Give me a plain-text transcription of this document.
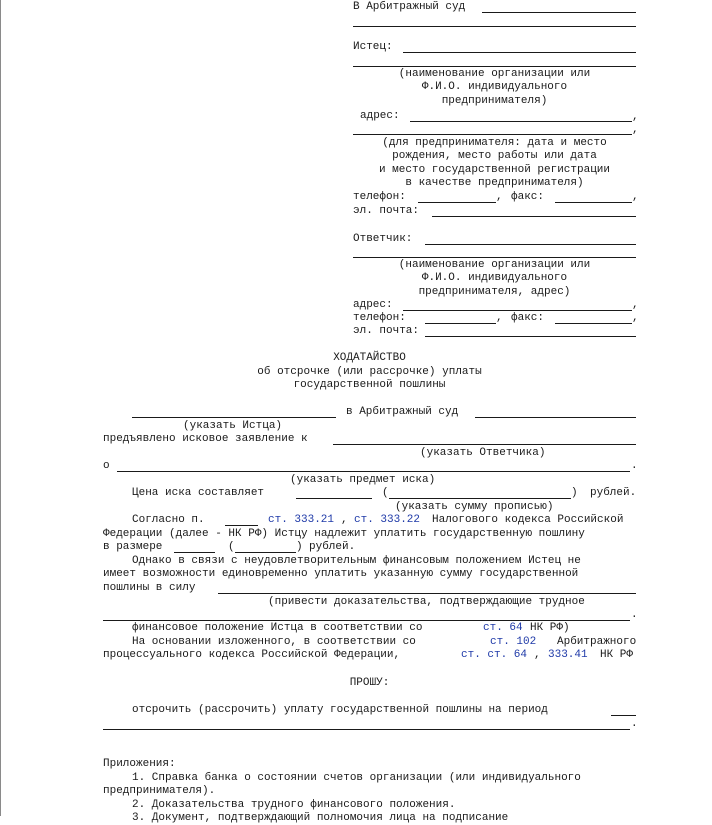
В Арбитражный суд
Истец:
(наименование организации или
Ф.И.О. индивидуального
предпринимателя)
адрес:	,
,
(для предпринимателя: дата и место
рождения, место работы или дата
и место государственной регистрации
в качестве предпринимателя)
телефон:	, факс:	,
эл. почта:
Ответчик:
(наименование организации или
Ф.И.О. индивидуального
предпринимателя, адрес)
адрес:	,
телефон:	, факс:	,
эл. почта:
ХОДАТАЙСТВО
об отсрочке (или рассрочке) уплаты
государственной пошлины
в Арбитражный суд
(указать Истца)
предъявлено исковое заявление к
(указать Ответчика)
о	.
(указать предмет иска)
Цена иска составляет	(	) рублей.
(указать сумму прописью)
Согласно п.	ст. 333.21 , ст. 333.22 Налогового кодекса Российской
Федерации (далее - НК РФ) Истцу надлежит уплатить государственную пошлину
в размере	(	) рублей.
Однако в связи с неудовлетворительным финансовым положением Истец не
имеет возможности единовременно уплатить указанную сумму государственной
пошлины в силу
(привести доказательства, подтверждающие трудное
.
финансовое положение Истца в соответствии со	ст. 64 НК РФ)
На основании изложенного, в соответствии со	ст. 102 Арбитражного
процессуального кодекса Российской Федерации,	ст. ст. 64 , 333.41 НК РФ
ПРОШУ:
отсрочить (рассрочить) уплату государственной пошлины на период
.
Приложения:
1. Справка банка о состоянии счетов организации (или индивидуального
предпринимателя).
2. Доказательства трудного финансового положения.
3. Документ, подтверждающий полномочия лица на подписание
